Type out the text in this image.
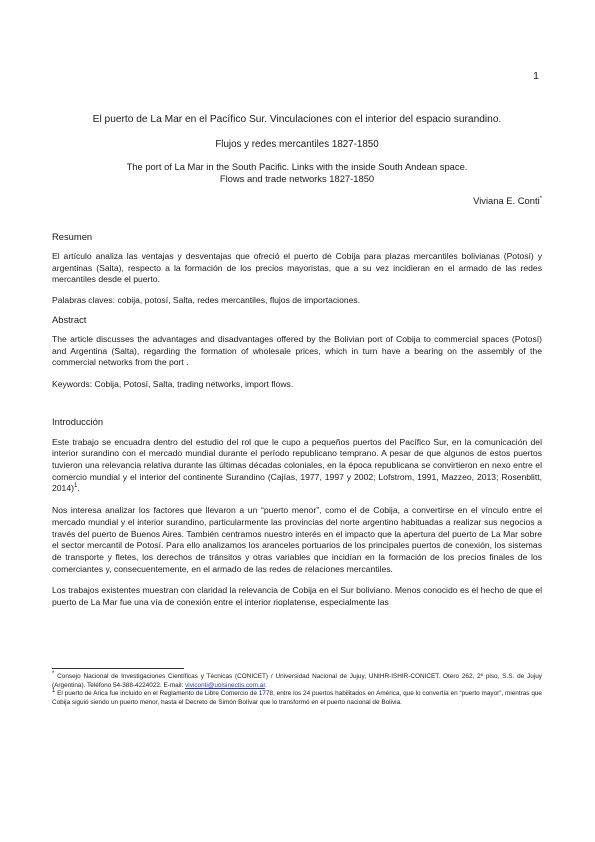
1

El puerto de La Mar en el Pacífico Sur. Vinculaciones con el interior del espacio surandino.

Flujos y redes mercantiles 1827-1850

The port of La Mar in the South Pacific. Links with the inside South Andean space.

Flows and trade networks 1827-1850

Viviana E. Conti*

Resumen

El artículo analiza las ventajas y desventajas que ofreció el puerto de Cobija para plazas mercantiles bolivianas (Potosí) y argentinas (Salta), respecto a la formación de los precios mayoristas, que a su vez incidieran en el armado de las redes mercantiles desde el puerto.

Palabras claves: cobija, potosí, Salta, redes mercantiles, flujos de importaciones.

Abstract

The article discusses the advantages and disadvantages offered by the Bolivian port of Cobija to commercial spaces (Potosí) and Argentina (Salta), regarding the formation of wholesale prices, which in turn have a bearing on the assembly of the commercial networks from the port .

Keywords: Cobija, Potosí, Salta, trading networks, import flows.

Introducción

Este trabajo se encuadra dentro del estudio del rol que le cupo a pequeños puertos del Pacífico Sur, en la comunicación del interior surandino con el mercado mundial durante el período republicano temprano. A pesar de que algunos de estos puertos tuvieron una relevancia relativa durante las últimas décadas coloniales, en la época republicana se convirtieron en nexo entre el comercio mundial y el interior del continente Surandino (Cajías, 1977, 1997 y 2002; Lofstrom, 1991, Mazzeo, 2013; Rosenblitt, 2014)$^1$.

Nos interesa analizar los factores que llevaron a un “puerto menor”, como el de Cobija, a convertirse en el vínculo entre el mercado mundial y el interior surandino, particularmente las provincias del norte argentino habituadas a realizar sus negocios a través del puerto de Buenos Aires. También centramos nuestro interés en el impacto que la apertura del puerto de La Mar sobre el sector mercantil de Potosí. Para ello analizamos los aranceles portuarios de los principales puertos de conexión, los sistemas de transporte y fletes, los derechos de tránsitos y otras variables que incidían en la formación de los precios finales de los comerciantes y, consecuentemente, en el armado de las redes de relaciones mercantiles.

Los trabajos existentes muestran con claridad la relevancia de Cobija en el Sur boliviano. Menos conocido es el hecho de que el puerto de La Mar fue una vía de conexión entre el interior rioplatense, especialmente las

* Consejo Nacional de Investigaciones Científicas y Técnicas (CONICET) / Universidad Nacional de Jujuy, UNIHR-ISHIR-CONICET. Otero 262, 2º piso, S.S. de Jujuy (Argentina). Teléfono 54-388-4224022. E-mail: viviconti@uolsinectis.com.ar.

$^1$ El puerto de Arica fue incluido en el Reglamento de Libre Comercio de 1778, entre los 24 puertos habilitados en América, que lo convertía en “puerto mayor”, mientras que Cobija siguió siendo un puerto menor, hasta el Decreto de Simón Bolívar que lo transformó en el puerto nacional de Bolivia.
